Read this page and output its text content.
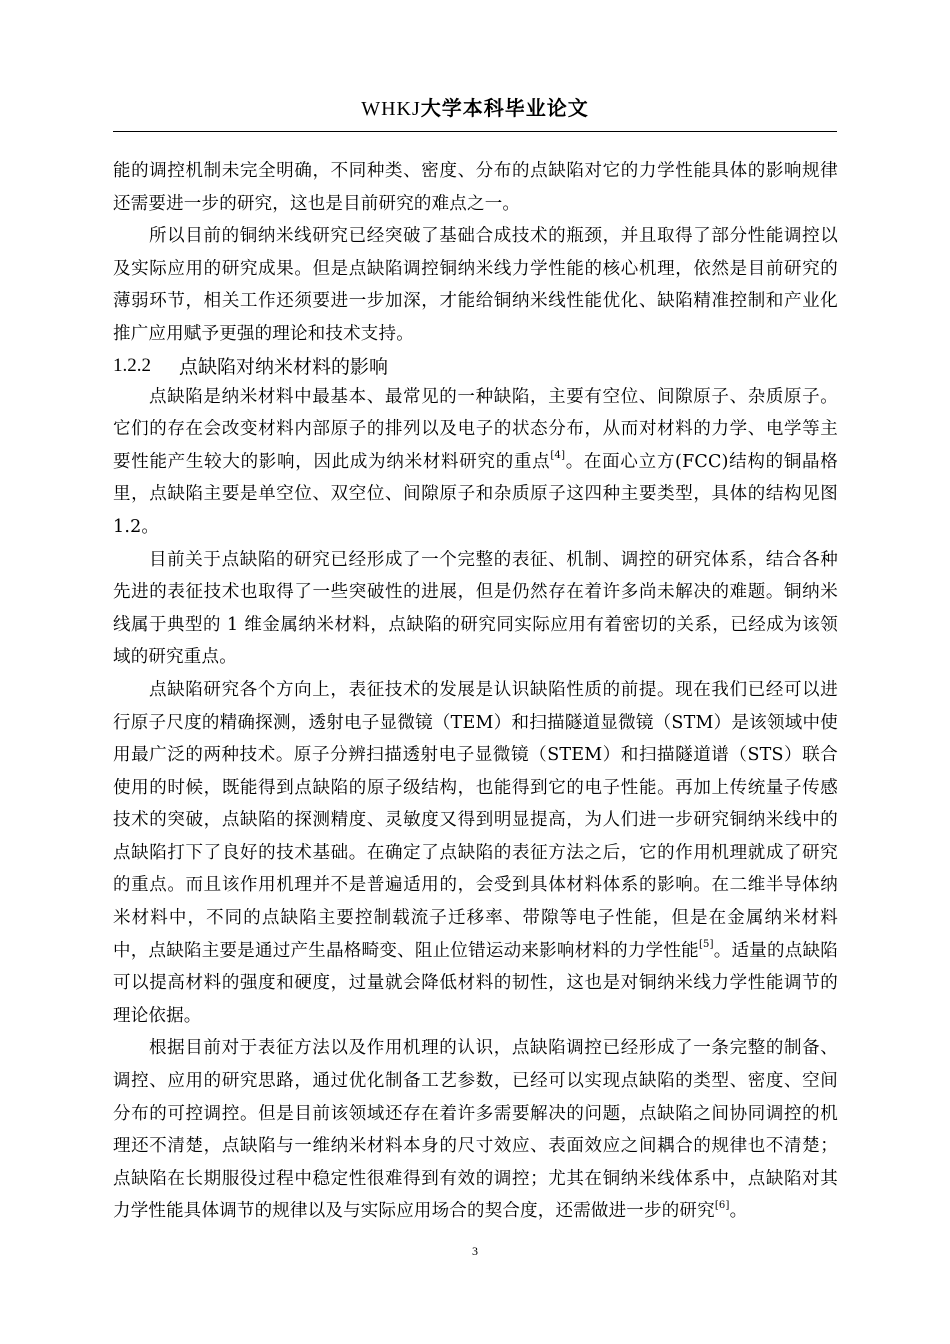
WHKJ大学本科毕业论文

能的调控机制未完全明确，不同种类、密度、分布的点缺陷对它的力学性能具体的影响规律还需要进一步的研究，这也是目前研究的难点之一。

所以目前的铜纳米线研究已经突破了基础合成技术的瓶颈，并且取得了部分性能调控以及实际应用的研究成果。但是点缺陷调控铜纳米线力学性能的核心机理，依然是目前研究的薄弱环节，相关工作还须要进一步加深，才能给铜纳米线性能优化、缺陷精准控制和产业化推广应用赋予更强的理论和技术支持。

1.2.2	点缺陷对纳米材料的影响

点缺陷是纳米材料中最基本、最常见的一种缺陷，主要有空位、间隙原子、杂质原子。它们的存在会改变材料内部原子的排列以及电子的状态分布，从而对材料的力学、电学等主要性能产生较大的影响，因此成为纳米材料研究的重点[4]。在面心立方(FCC)结构的铜晶格里，点缺陷主要是单空位、双空位、间隙原子和杂质原子这四种主要类型，具体的结构见图 1.2。

目前关于点缺陷的研究已经形成了一个完整的表征、机制、调控的研究体系，结合各种先进的表征技术也取得了一些突破性的进展，但是仍然存在着许多尚未解决的难题。铜纳米线属于典型的 1 维金属纳米材料，点缺陷的研究同实际应用有着密切的关系，已经成为该领域的研究重点。

点缺陷研究各个方向上，表征技术的发展是认识缺陷性质的前提。现在我们已经可以进行原子尺度的精确探测，透射电子显微镜（TEM）和扫描隧道显微镜（STM）是该领域中使用最广泛的两种技术。原子分辨扫描透射电子显微镜（STEM）和扫描隧道谱（STS）联合使用的时候，既能得到点缺陷的原子级结构，也能得到它的电子性能。再加上传统量子传感技术的突破，点缺陷的探测精度、灵敏度又得到明显提高，为人们进一步研究铜纳米线中的点缺陷打下了良好的技术基础。在确定了点缺陷的表征方法之后，它的作用机理就成了研究的重点。而且该作用机理并不是普遍适用的，会受到具体材料体系的影响。在二维半导体纳米材料中，不同的点缺陷主要控制载流子迁移率、带隙等电子性能，但是在金属纳米材料中，点缺陷主要是通过产生晶格畸变、阻止位错运动来影响材料的力学性能[5]。适量的点缺陷可以提高材料的强度和硬度，过量就会降低材料的韧性，这也是对铜纳米线力学性能调节的理论依据。

根据目前对于表征方法以及作用机理的认识，点缺陷调控已经形成了一条完整的制备、调控、应用的研究思路，通过优化制备工艺参数，已经可以实现点缺陷的类型、密度、空间分布的可控调控。但是目前该领域还存在着许多需要解决的问题，点缺陷之间协同调控的机理还不清楚，点缺陷与一维纳米材料本身的尺寸效应、表面效应之间耦合的规律也不清楚；点缺陷在长期服役过程中稳定性很难得到有效的调控；尤其在铜纳米线体系中，点缺陷对其力学性能具体调节的规律以及与实际应用场合的契合度，还需做进一步的研究[6]。

3
